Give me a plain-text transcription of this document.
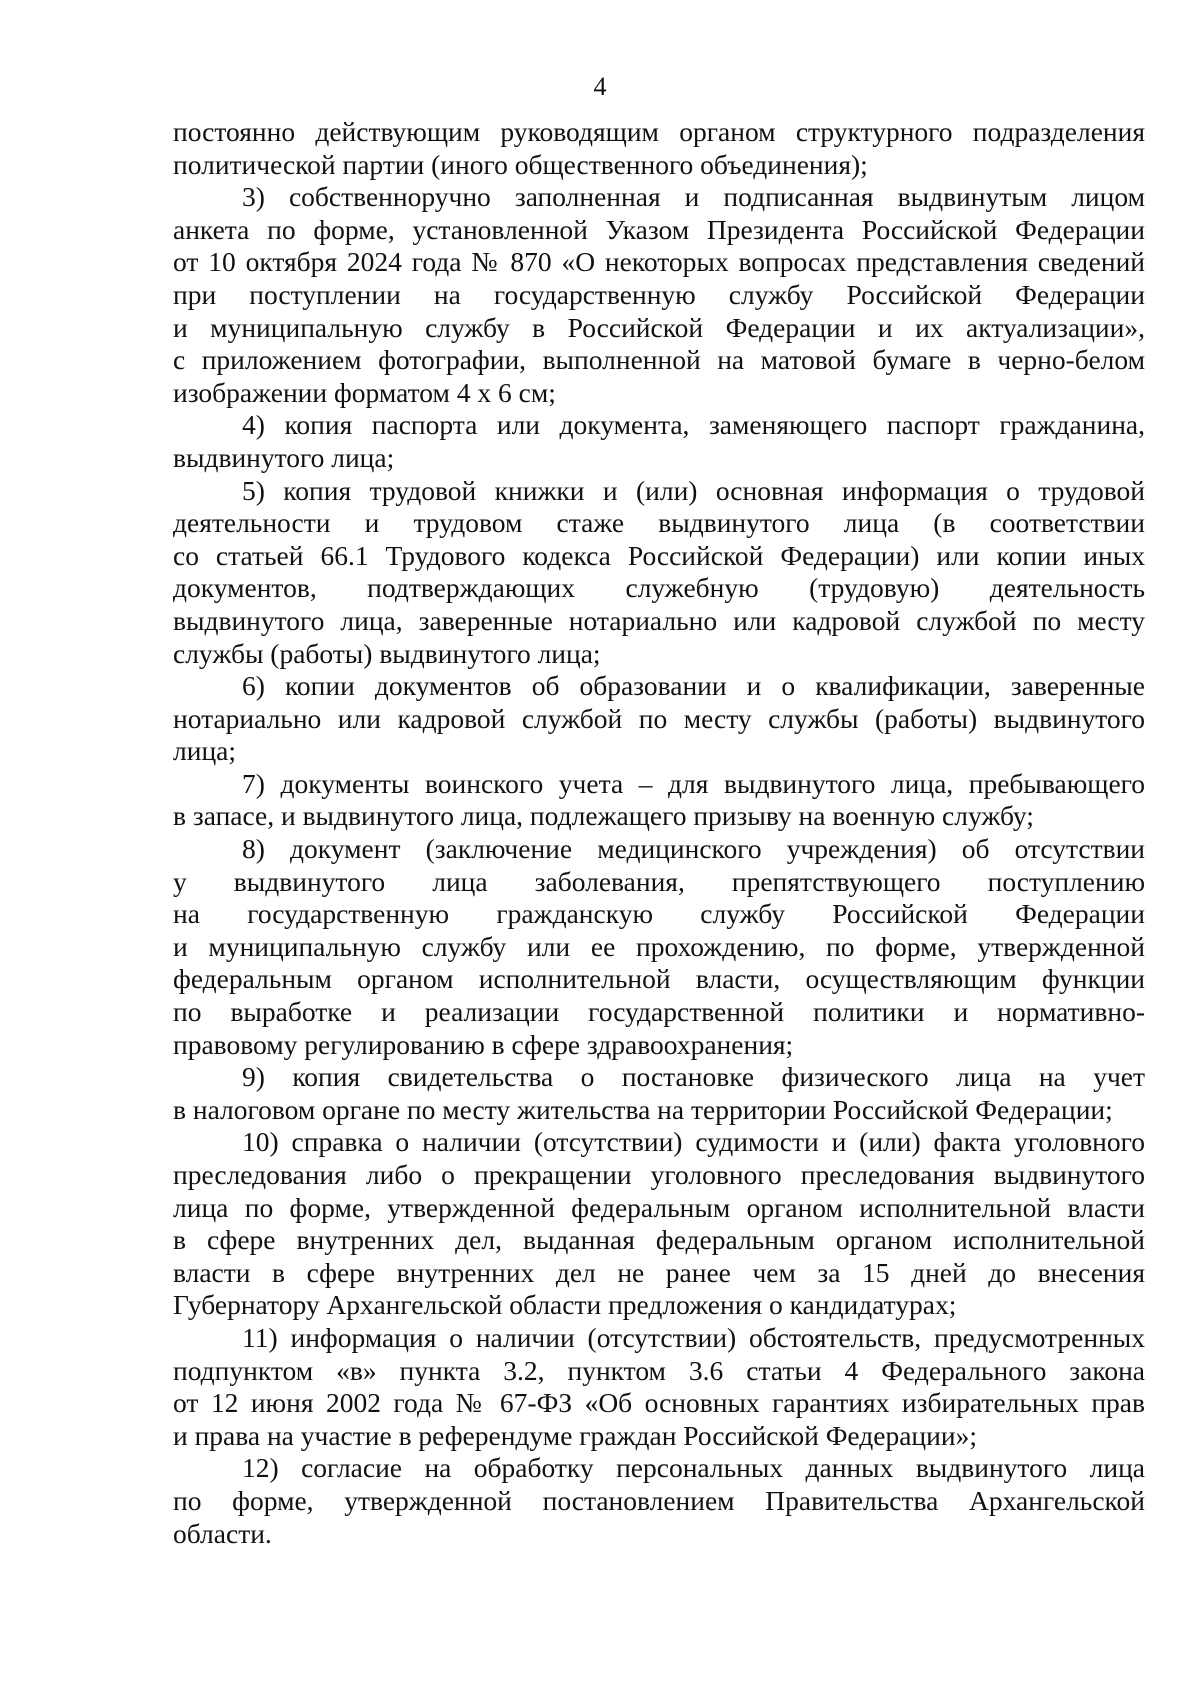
4
постоянно действующим руководящим органом структурного подразделения
политической партии (иного общественного объединения);
3) собственноручно заполненная и подписанная выдвинутым лицом
анкета по форме, установленной Указом Президента Российской Федерации
от 10 октября 2024 года № 870 «О некоторых вопросах представления сведений
при поступлении на государственную службу Российской Федерации
и муниципальную службу в Российской Федерации и их актуализации»,
с приложением фотографии, выполненной на матовой бумаге в черно-белом
изображении форматом 4 х 6 см;
4) копия паспорта или документа, заменяющего паспорт гражданина,
выдвинутого лица;
5) копия трудовой книжки и (или) основная информация о трудовой
деятельности и трудовом стаже выдвинутого лица (в соответствии
со статьей 66.1 Трудового кодекса Российской Федерации) или копии иных
документов, подтверждающих служебную (трудовую) деятельность
выдвинутого лица, заверенные нотариально или кадровой службой по месту
службы (работы) выдвинутого лица;
6) копии документов об образовании и о квалификации, заверенные
нотариально или кадровой службой по месту службы (работы) выдвинутого
лица;
7) документы воинского учета – для выдвинутого лица, пребывающего
в запасе, и выдвинутого лица, подлежащего призыву на военную службу;
8) документ (заключение медицинского учреждения) об отсутствии
у выдвинутого лица заболевания, препятствующего поступлению
на государственную гражданскую службу Российской Федерации
и муниципальную службу или ее прохождению, по форме, утвержденной
федеральным органом исполнительной власти, осуществляющим функции
по выработке и реализации государственной политики и нормативно-
правовому регулированию в сфере здравоохранения;
9) копия свидетельства о постановке физического лица на учет
в налоговом органе по месту жительства на территории Российской Федерации;
10) справка о наличии (отсутствии) судимости и (или) факта уголовного
преследования либо о прекращении уголовного преследования выдвинутого
лица по форме, утвержденной федеральным органом исполнительной власти
в сфере внутренних дел, выданная федеральным органом исполнительной
власти в сфере внутренних дел не ранее чем за 15 дней до внесения
Губернатору Архангельской области предложения о кандидатурах;
11) информация о наличии (отсутствии) обстоятельств, предусмотренных
подпунктом «в» пункта 3.2, пунктом 3.6 статьи 4 Федерального закона
от 12 июня 2002 года № 67-ФЗ «Об основных гарантиях избирательных прав
и права на участие в референдуме граждан Российской Федерации»;
12) согласие на обработку персональных данных выдвинутого лица
по форме, утвержденной постановлением Правительства Архангельской
области.
